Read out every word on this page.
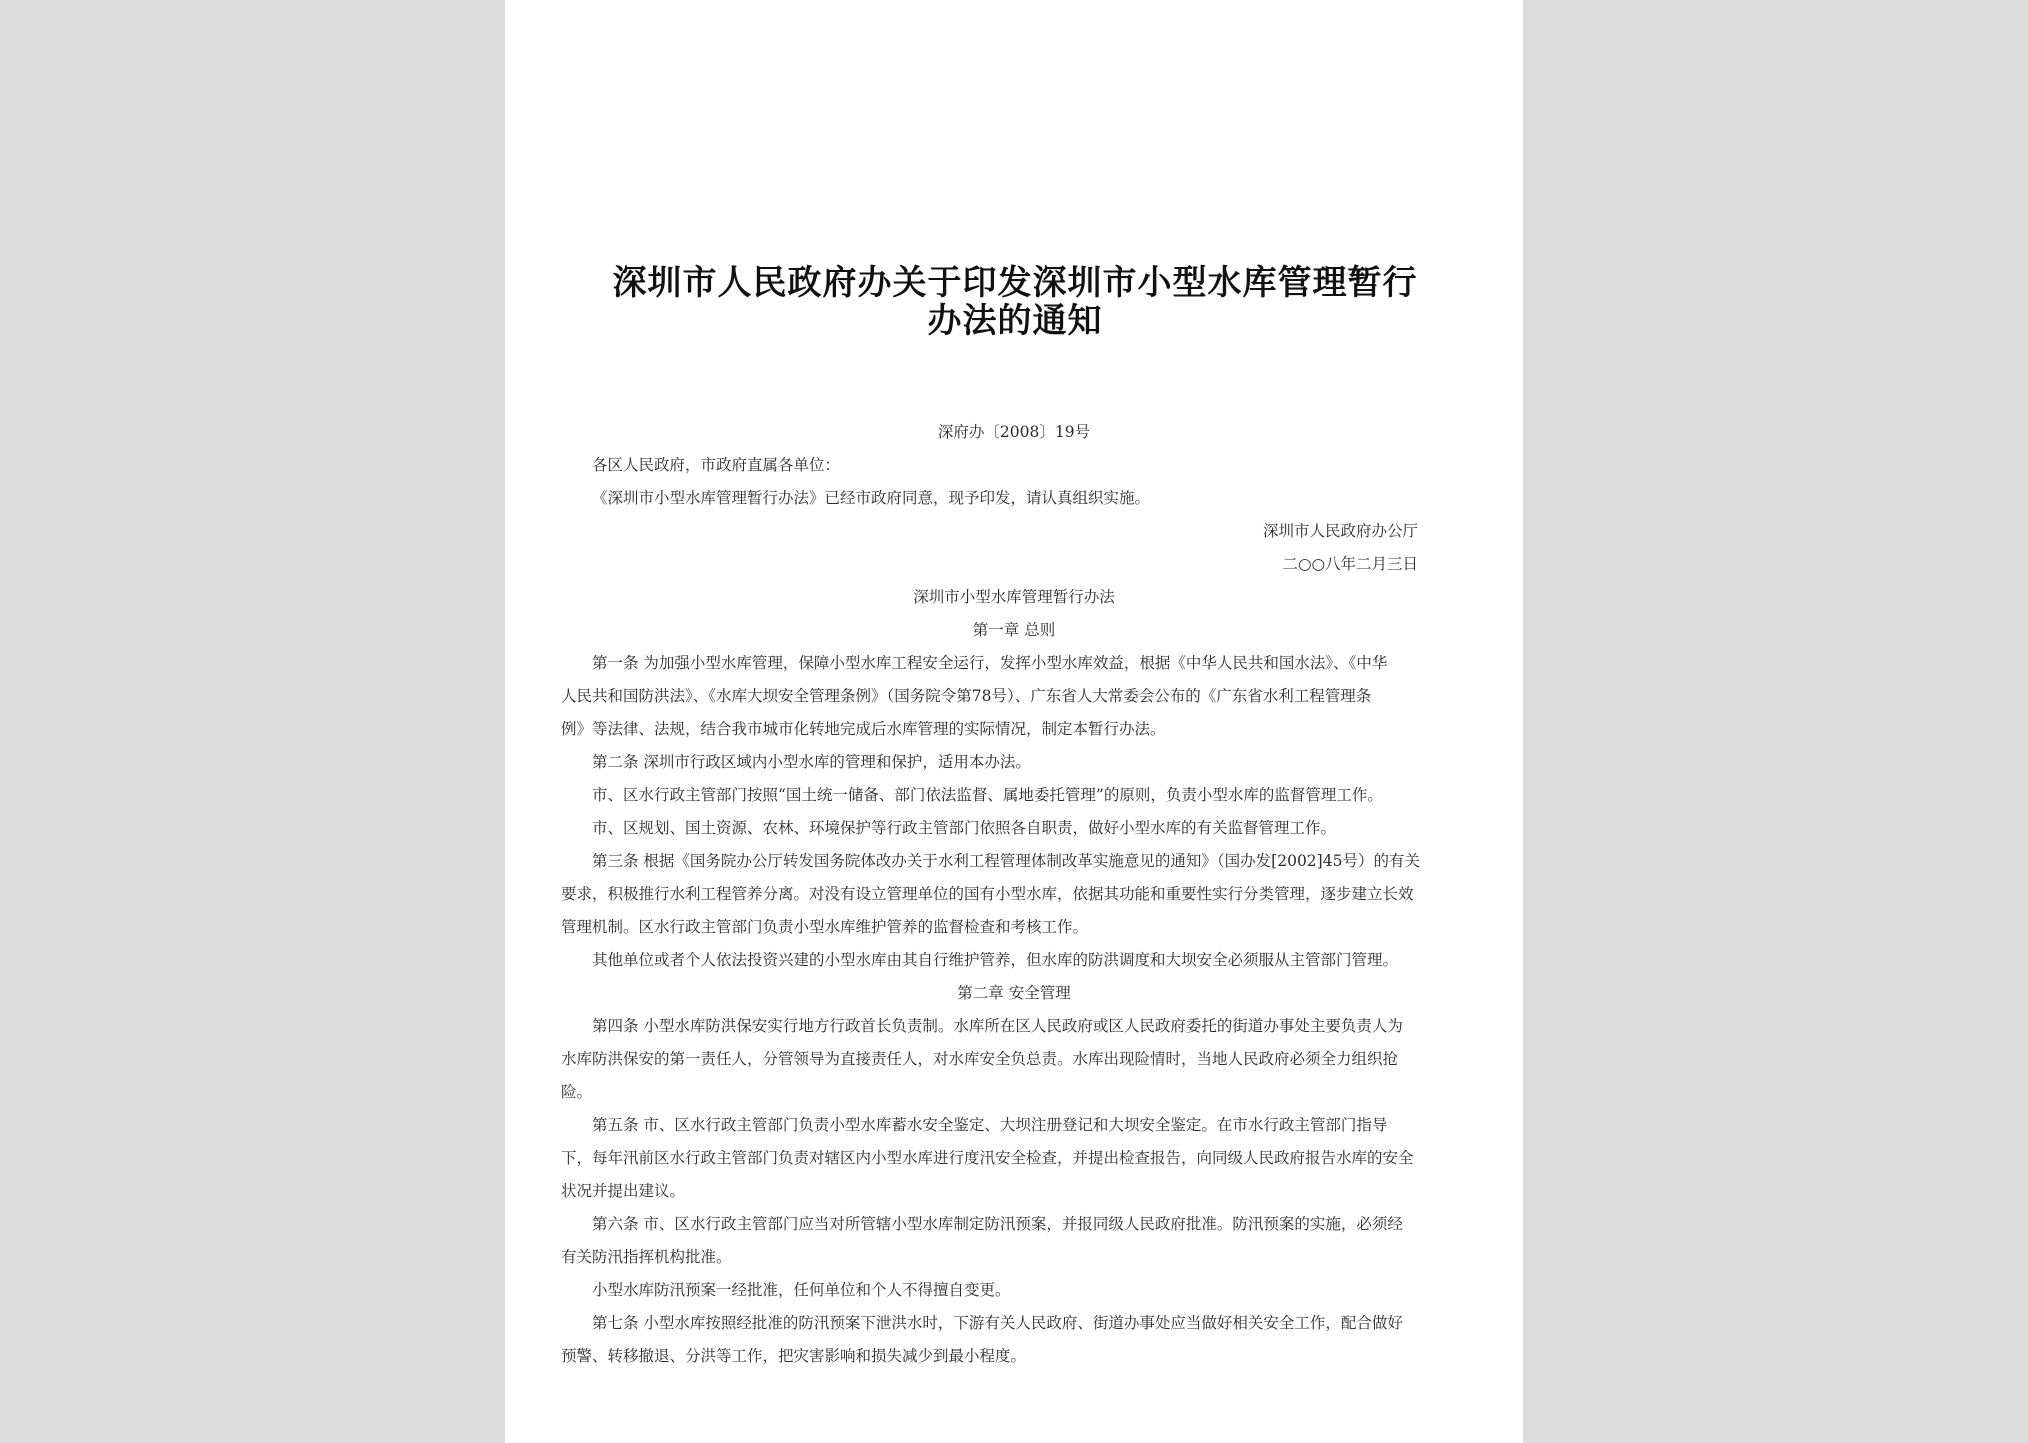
深圳市人民政府办关于印发深圳市小型水库管理暂行
办法的通知
深府办〔2008〕19号
各区人民政府，市政府直属各单位：
《深圳市小型水库管理暂行办法》已经市政府同意，现予印发，请认真组织实施。
深圳市人民政府办公厅
二○○八年二月三日
深圳市小型水库管理暂行办法
第一章 总则
第一条 为加强小型水库管理，保障小型水库工程安全运行，发挥小型水库效益，根据《中华人民共和国水法》、《中华
人民共和国防洪法》、《水库大坝安全管理条例》（国务院令第78号）、广东省人大常委会公布的《广东省水利工程管理条
例》等法律、法规，结合我市城市化转地完成后水库管理的实际情况，制定本暂行办法。
第二条 深圳市行政区域内小型水库的管理和保护，适用本办法。
市、区水行政主管部门按照“国土统一储备、部门依法监督、属地委托管理”的原则，负责小型水库的监督管理工作。
市、区规划、国土资源、农林、环境保护等行政主管部门依照各自职责，做好小型水库的有关监督管理工作。
第三条 根据《国务院办公厅转发国务院体改办关于水利工程管理体制改革实施意见的通知》（国办发[2002]45号）的有关
要求，积极推行水利工程管养分离。对没有设立管理单位的国有小型水库，依据其功能和重要性实行分类管理，逐步建立长效
管理机制。区水行政主管部门负责小型水库维护管养的监督检查和考核工作。
其他单位或者个人依法投资兴建的小型水库由其自行维护管养，但水库的防洪调度和大坝安全必须服从主管部门管理。
第二章 安全管理
第四条 小型水库防洪保安实行地方行政首长负责制。水库所在区人民政府或区人民政府委托的街道办事处主要负责人为
水库防洪保安的第一责任人，分管领导为直接责任人，对水库安全负总责。水库出现险情时，当地人民政府必须全力组织抢
险。
第五条 市、区水行政主管部门负责小型水库蓄水安全鉴定、大坝注册登记和大坝安全鉴定。在市水行政主管部门指导
下，每年汛前区水行政主管部门负责对辖区内小型水库进行度汛安全检查，并提出检查报告，向同级人民政府报告水库的安全
状况并提出建议。
第六条 市、区水行政主管部门应当对所管辖小型水库制定防汛预案，并报同级人民政府批准。防汛预案的实施，必须经
有关防汛指挥机构批准。
小型水库防汛预案一经批准，任何单位和个人不得擅自变更。
第七条 小型水库按照经批准的防汛预案下泄洪水时，下游有关人民政府、街道办事处应当做好相关安全工作，配合做好
预警、转移撤退、分洪等工作，把灾害影响和损失减少到最小程度。
